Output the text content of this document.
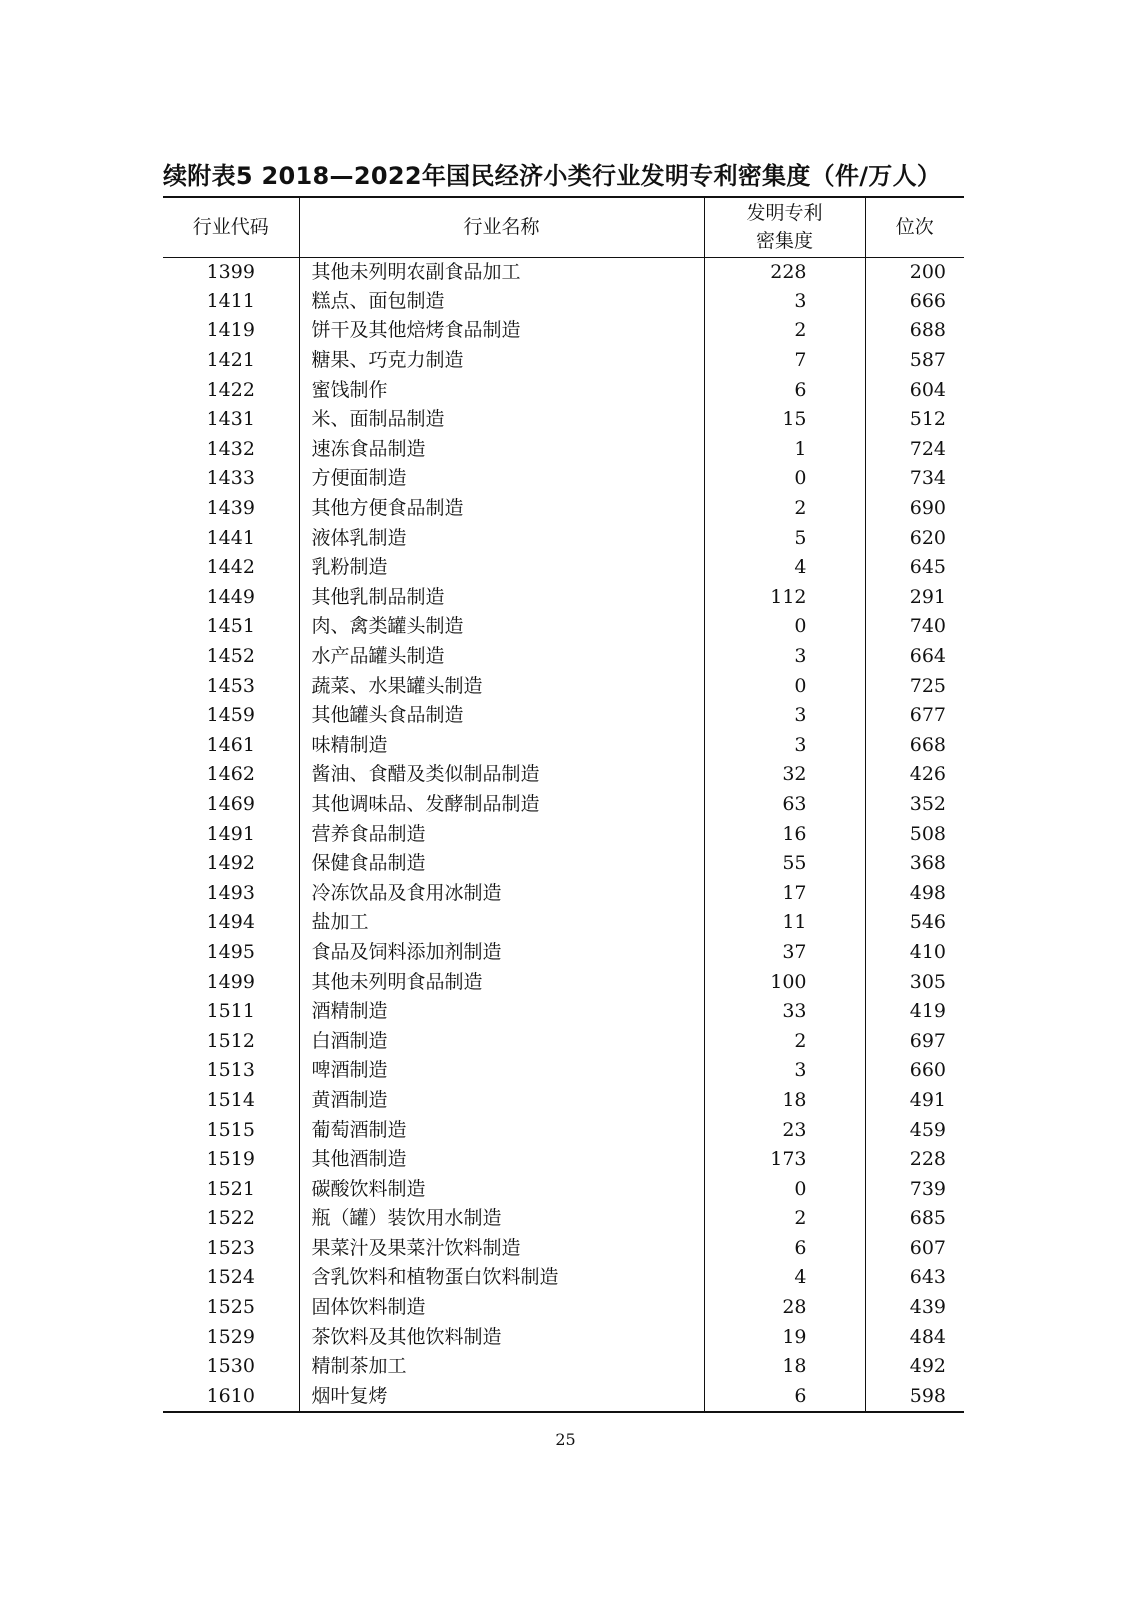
续附表5 2018—2022年国民经济小类行业发明专利密集度（件/万人）
行业代码	行业名称	发明专利
密集度	位次
1399	其他未列明农副食品加工	228	200
1411	糕点、面包制造	3	666
1419	饼干及其他焙烤食品制造	2	688
1421	糖果、巧克力制造	7	587
1422	蜜饯制作	6	604
1431	米、面制品制造	15	512
1432	速冻食品制造	1	724
1433	方便面制造	0	734
1439	其他方便食品制造	2	690
1441	液体乳制造	5	620
1442	乳粉制造	4	645
1449	其他乳制品制造	112	291
1451	肉、禽类罐头制造	0	740
1452	水产品罐头制造	3	664
1453	蔬菜、水果罐头制造	0	725
1459	其他罐头食品制造	3	677
1461	味精制造	3	668
1462	酱油、食醋及类似制品制造	32	426
1469	其他调味品、发酵制品制造	63	352
1491	营养食品制造	16	508
1492	保健食品制造	55	368
1493	冷冻饮品及食用冰制造	17	498
1494	盐加工	11	546
1495	食品及饲料添加剂制造	37	410
1499	其他未列明食品制造	100	305
1511	酒精制造	33	419
1512	白酒制造	2	697
1513	啤酒制造	3	660
1514	黄酒制造	18	491
1515	葡萄酒制造	23	459
1519	其他酒制造	173	228
1521	碳酸饮料制造	0	739
1522	瓶（罐）装饮用水制造	2	685
1523	果菜汁及果菜汁饮料制造	6	607
1524	含乳饮料和植物蛋白饮料制造	4	643
1525	固体饮料制造	28	439
1529	茶饮料及其他饮料制造	19	484
1530	精制茶加工	18	492
1610	烟叶复烤	6	598
25
